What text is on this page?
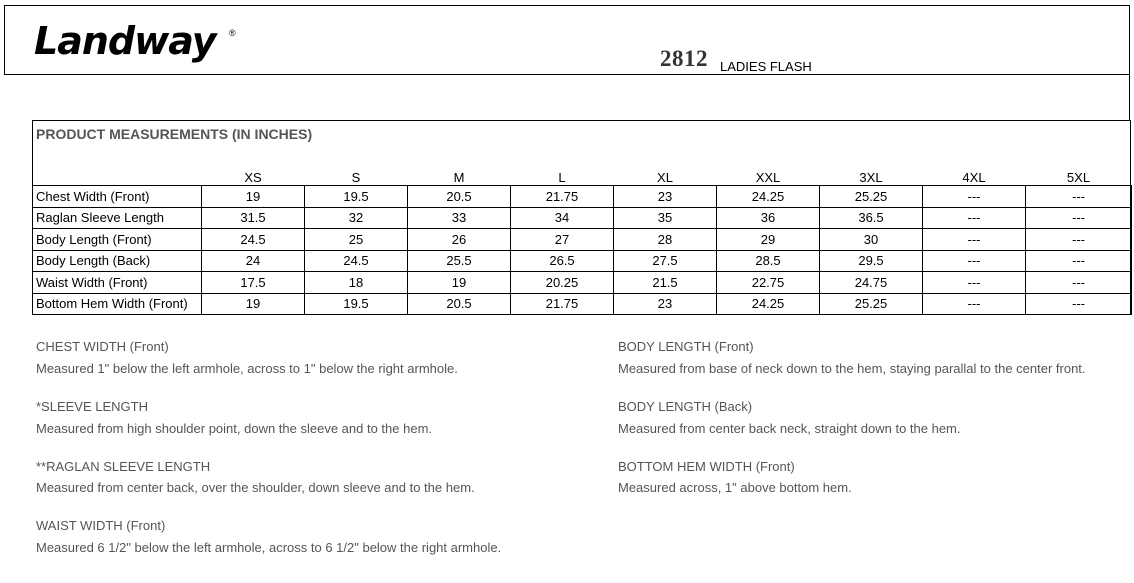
Landway ®
2812 LADIES FLASH
PRODUCT MEASUREMENTS (IN INCHES)
	XS	S	M	L	XL	XXL	3XL	4XL	5XL
Chest Width (Front)	19	19.5	20.5	21.75	23	24.25	25.25	---	---
Raglan Sleeve Length	31.5	32	33	34	35	36	36.5	---	---
Body Length (Front)	24.5	25	26	27	28	29	30	---	---
Body Length (Back)	24	24.5	25.5	26.5	27.5	28.5	29.5	---	---
Waist Width (Front)	17.5	18	19	20.25	21.5	22.75	24.75	---	---
Bottom Hem Width (Front)	19	19.5	20.5	21.75	23	24.25	25.25	---	---
CHEST WIDTH (Front)
Measured 1" below the left armhole, across to 1" below the right armhole.
*SLEEVE LENGTH
Measured from high shoulder point, down the sleeve and to the hem.
**RAGLAN SLEEVE LENGTH
Measured from center back, over the shoulder, down sleeve and to the hem.
WAIST WIDTH (Front)
Measured 6 1/2" below the left armhole, across to 6 1/2" below the right armhole.
BODY LENGTH (Front)
Measured from base of neck down to the hem, staying parallal to the center front.
BODY LENGTH (Back)
Measured from center back neck, straight down to the hem.
BOTTOM HEM WIDTH (Front)
Measured across, 1" above bottom hem.
